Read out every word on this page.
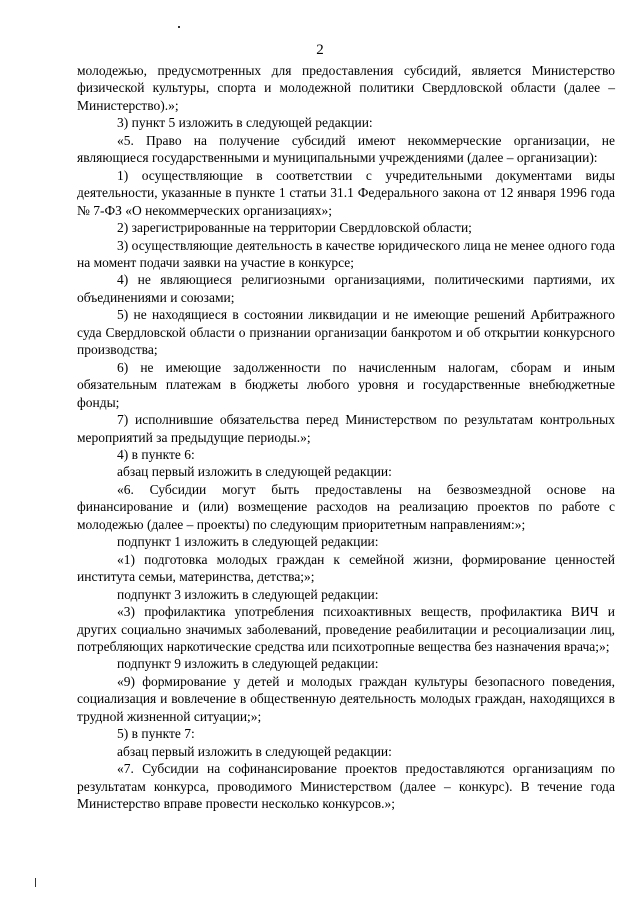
2

молодежью, предусмотренных для предоставления субсидий, является Министерство физической культуры, спорта и молодежной политики Свердловской области (далее – Министерство).»;

3) пункт 5 изложить в следующей редакции:

«5. Право на получение субсидий имеют некоммерческие организации, не являющиеся государственными и муниципальными учреждениями (далее – организации):

1) осуществляющие в соответствии с учредительными документами виды деятельности, указанные в пункте 1 статьи 31.1 Федерального закона от 12 января 1996 года № 7-ФЗ «О некоммерческих организациях»;

2) зарегистрированные на территории Свердловской области;

3) осуществляющие деятельность в качестве юридического лица не менее одного года на момент подачи заявки на участие в конкурсе;

4) не являющиеся религиозными организациями, политическими партиями, их объединениями и союзами;

5) не находящиеся в состоянии ликвидации и не имеющие решений Арбитражного суда Свердловской области о признании организации банкротом и об открытии конкурсного производства;

6) не имеющие задолженности по начисленным налогам, сборам и иным обязательным платежам в бюджеты любого уровня и государственные внебюджетные фонды;

7) исполнившие обязательства перед Министерством по результатам контрольных мероприятий за предыдущие периоды.»;

4) в пункте 6:

абзац первый изложить в следующей редакции:

«6. Субсидии могут быть предоставлены на безвозмездной основе на финансирование и (или) возмещение расходов на реализацию проектов по работе с молодежью (далее – проекты) по следующим приоритетным направлениям:»;

подпункт 1 изложить в следующей редакции:

«1) подготовка молодых граждан к семейной жизни, формирование ценностей института семьи, материнства, детства;»;

подпункт 3 изложить в следующей редакции:

«3) профилактика употребления психоактивных веществ, профилактика ВИЧ и других социально значимых заболеваний, проведение реабилитации и ресоциализации лиц, потребляющих наркотические средства или психотропные вещества без назначения врача;»;

подпункт 9 изложить в следующей редакции:

«9) формирование у детей и молодых граждан культуры безопасного поведения, социализация и вовлечение в общественную деятельность молодых граждан, находящихся в трудной жизненной ситуации;»;

5) в пункте 7:

абзац первый изложить в следующей редакции:

«7. Субсидии на софинансирование проектов предоставляются организациям по результатам конкурса, проводимого Министерством (далее – конкурс). В течение года Министерство вправе провести несколько конкурсов.»;
